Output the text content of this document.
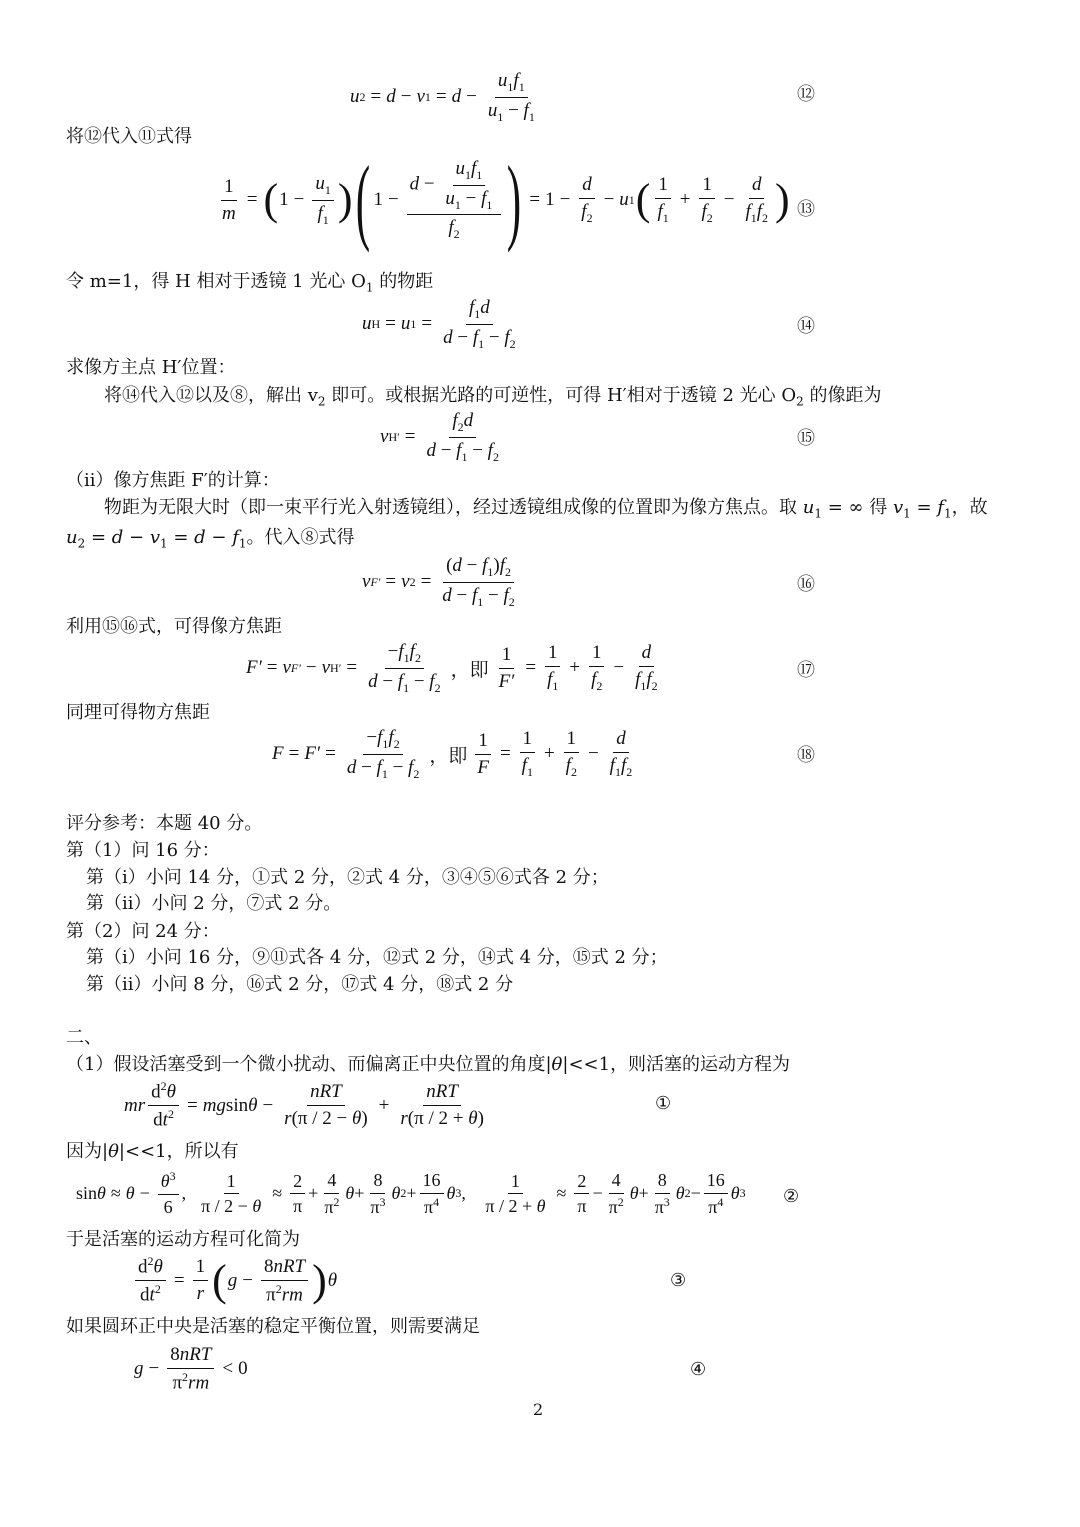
u 2 = d − v $1 = d - \frac{u_1f_1}{u_1 - f_1}$	⑫
将⑫代入⑪式得
$\frac{1}{m}$ = ( $1 - \frac{u_1}{f_1}$ ) ( $1 - \frac{d - \frac{u_1f_1}{u_1 - f_1}}{f_2}$ ) = $1 - \frac{d}{f_2} - u$ 1 ( $\frac{1}{f_1} + \frac{1}{f_2} - \frac{d}{f_1f_2}$ ) ⑬
令 m=1，得 H 相对于透镜 1 光心 $O_1$ 的物距
u H = u $1 = \frac{f_1d}{d - f_1 - f_2}$	⑭
求像方主点 H′位置：
将⑭代入⑫以及⑧，解出 $v_2$ 即可。或根据光路的可逆性，可得 H′相对于透镜 2 光心 $O_2$ 的像距为
v $H' = \frac{f_2d}{d - f_1 - f_2}$	⑮
（ii）像方焦距 F′的计算：
物距为无限大时（即一束平行光入射透镜组），经过透镜组成像的位置即为像方焦点。取 $u_1$ = ∞ 得 $v_1 = f_1$，故
$u_2 = d - v_1 = d - f_1$。代入⑧式得
v F′ = v $2 = \frac{(d - f_1)f_2}{d - f_1 - f_2}$	⑯
利用⑮⑯式，可得像方焦距
F′ = v F′ − v $H' = \frac{-f_1f_2}{d - f_1 - f_2}$ ，即 $\frac{1}{F'} = \frac{1}{f_1} + \frac{1}{f_2} - \frac{d}{f_1f_2}$	⑰
同理可得物方焦距
$F = F' = \frac{-f_1f_2}{d - f_1 - f_2}$ ，即 $\frac{1}{F} = \frac{1}{f_1} + \frac{1}{f_2} - \frac{d}{f_1f_2}$	⑱
评分参考：本题 40 分。
第（1）问 16 分：
第（i）小问 14 分，①式 2 分，②式 4 分，③④⑤⑥式各 2 分；
第（ii）小问 2 分，⑦式 2 分。
第（2）问 24 分：
第（i）小问 16 分，⑨⑪式各 4 分，⑫式 2 分，⑭式 4 分，⑮式 2 分；
第（ii）小问 8 分，⑯式 2 分，⑰式 4 分，⑱式 2 分
二、
（1）假设活塞受到一个微小扰动、而偏离正中央位置的角度|θ|<<1，则活塞的运动方程为
mr $\frac{d^2\theta}{dt^2}$ = mg $\sin \theta - \frac{\text{nRT}}{r(\pi / 2 - \theta)} + \frac{\text{nRT}}{r(\pi / 2 + \theta)}$	①
因为|θ|<<1，所以有
$\sin \theta \approx \theta - \frac{\theta^3}{6}$ , $\frac{1}{\pi / 2 - \theta} \approx \frac{2}{\pi} + \frac{4}{\pi^2}$ $\theta + \frac{8}{\pi^3}$ θ $2 + \frac{16}{\pi^4}$ θ 3 , $\frac{1}{\pi / 2 + \theta} \approx \frac{2}{\pi} - \frac{4}{\pi^2}$ $\theta + \frac{8}{\pi^3}$ θ $2 - \frac{16}{\pi^4}$ θ 3 ②
于是活塞的运动方程可化简为
$\frac{d^2\theta}{dt^2} = \frac{1}{r}$ ( $g - \frac{\text{8nRT}}{\pi^2rm}$ ) θ	③
如果圆环正中央是活塞的稳定平衡位置，则需要满足
$g - \frac{\text{8nRT}}{\pi^2rm} < 0$	④
2
